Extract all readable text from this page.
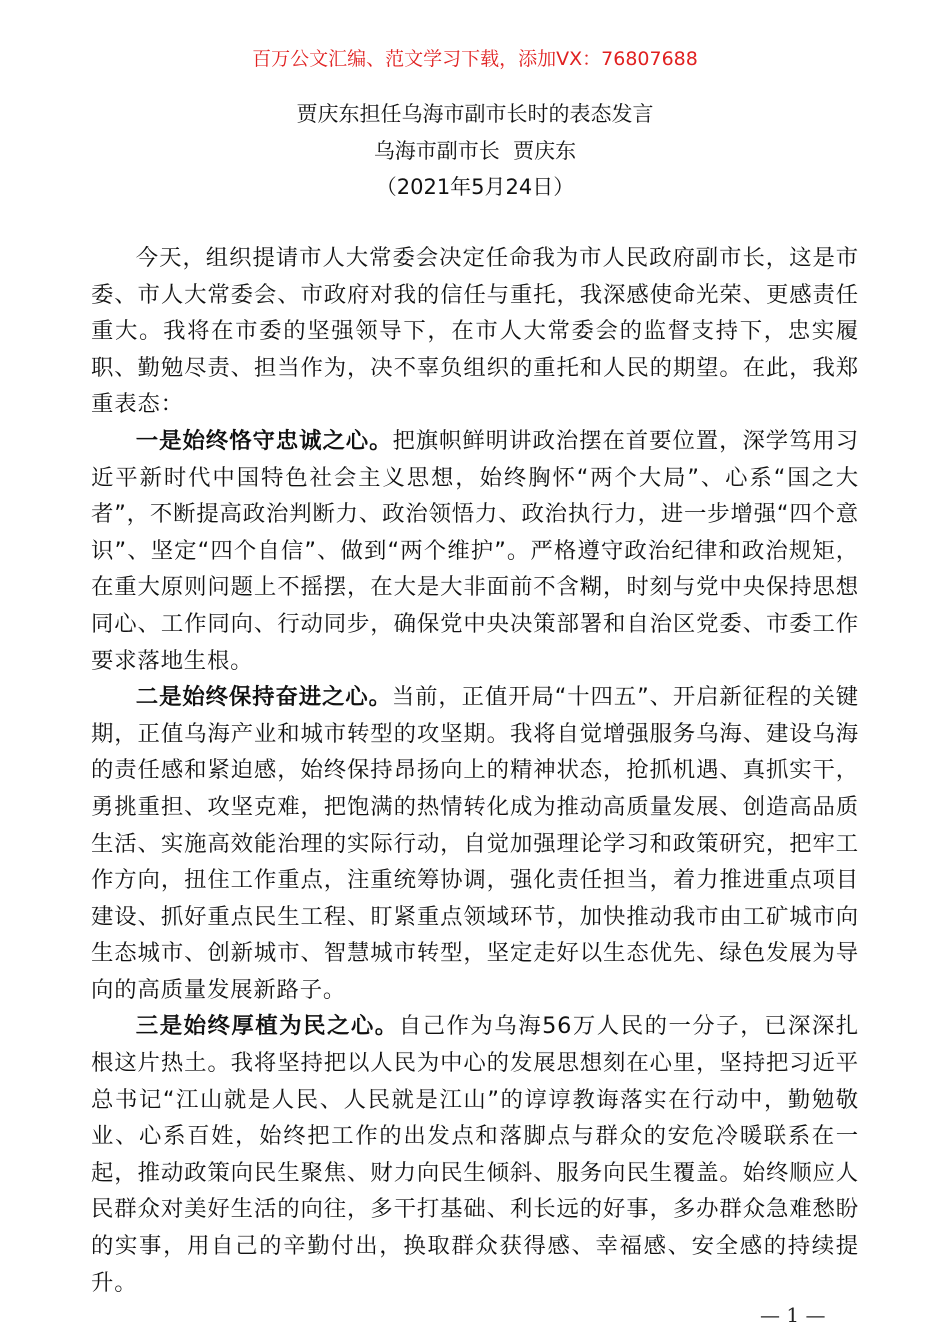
百万公文汇编、范文学习下载，添加VX：76807688
贾庆东担任乌海市副市长时的表态发言
乌海市副市长  贾庆东
（2021年5月24日）

今天，组织提请市人大常委会决定任命我为市人民政府副市长，这是市委、市人大常委会、市政府对我的信任与重托，我深感使命光荣、更感责任重大。我将在市委的坚强领导下，在市人大常委会的监督支持下，忠实履职、勤勉尽责、担当作为，决不辜负组织的重托和人民的期望。在此，我郑重表态：

一是始终恪守忠诚之心。把旗帜鲜明讲政治摆在首要位置，深学笃用习近平新时代中国特色社会主义思想，始终胸怀“两个大局”、心系“国之大者”，不断提高政治判断力、政治领悟力、政治执行力，进一步增强“四个意识”、坚定“四个自信”、做到“两个维护”。严格遵守政治纪律和政治规矩，在重大原则问题上不摇摆，在大是大非面前不含糊，时刻与党中央保持思想同心、工作同向、行动同步，确保党中央决策部署和自治区党委、市委工作要求落地生根。

二是始终保持奋进之心。当前，正值开局“十四五”、开启新征程的关键期，正值乌海产业和城市转型的攻坚期。我将自觉增强服务乌海、建设乌海的责任感和紧迫感，始终保持昂扬向上的精神状态，抢抓机遇、真抓实干，勇挑重担、攻坚克难，把饱满的热情转化成为推动高质量发展、创造高品质生活、实施高效能治理的实际行动，自觉加强理论学习和政策研究，把牢工作方向，扭住工作重点，注重统筹协调，强化责任担当，着力推进重点项目建设、抓好重点民生工程、盯紧重点领域环节，加快推动我市由工矿城市向生态城市、创新城市、智慧城市转型，坚定走好以生态优先、绿色发展为导向的高质量发展新路子。

三是始终厚植为民之心。自己作为乌海56万人民的一分子，已深深扎根这片热土。我将坚持把以人民为中心的发展思想刻在心里，坚持把习近平总书记“江山就是人民、人民就是江山”的谆谆教诲落实在行动中，勤勉敬业、心系百姓，始终把工作的出发点和落脚点与群众的安危冷暖联系在一起，推动政策向民生聚焦、财力向民生倾斜、服务向民生覆盖。始终顺应人民群众对美好生活的向往，多干打基础、利长远的好事，多办群众急难愁盼的实事，用自己的辛勤付出，换取群众获得感、幸福感、安全感的持续提升。

— 1 —
